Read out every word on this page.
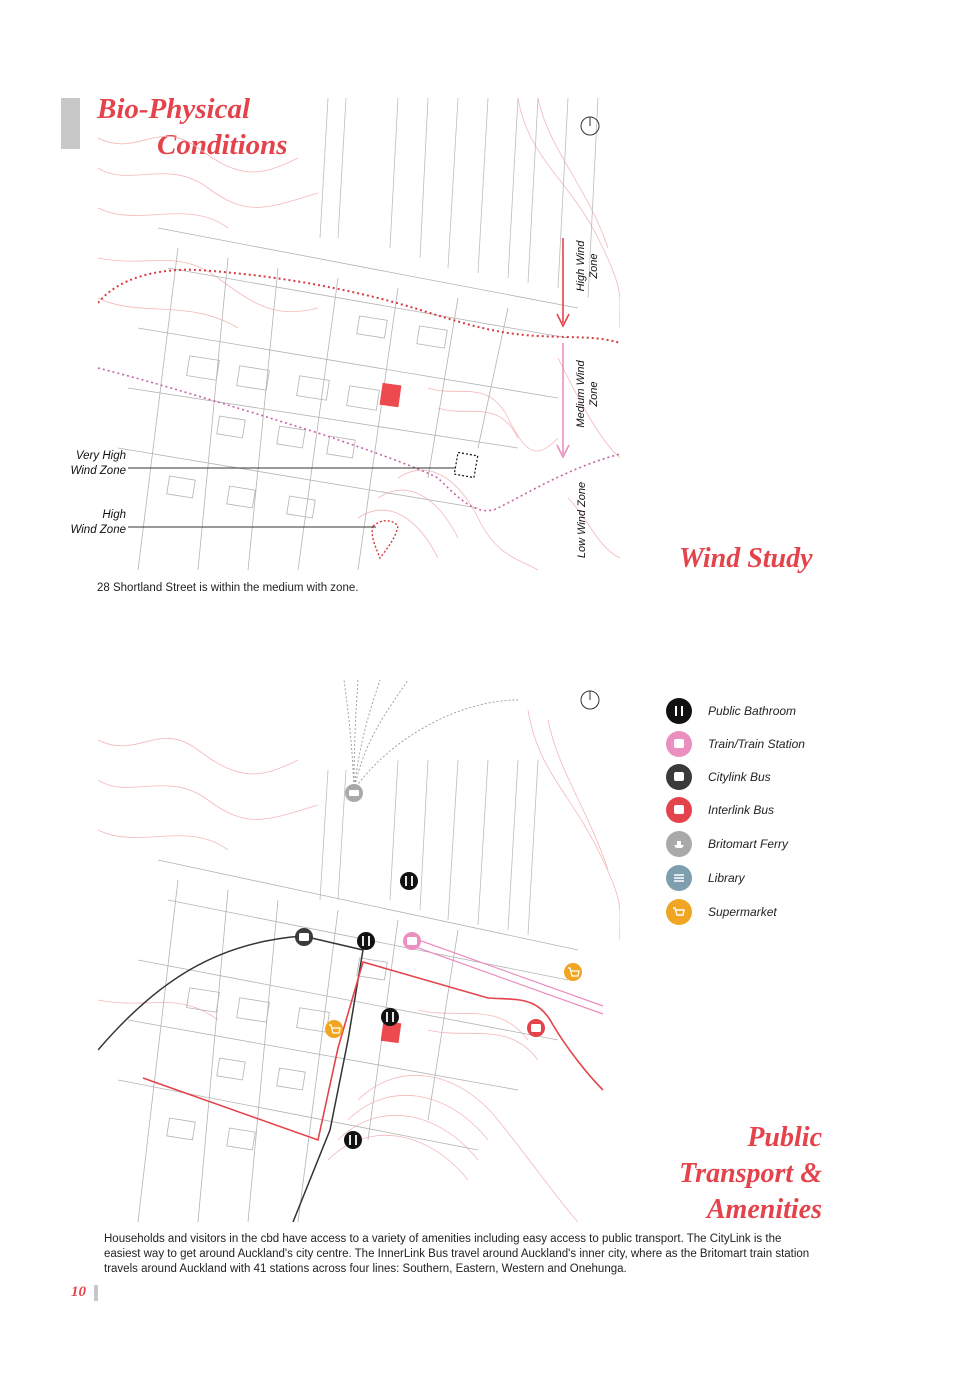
Bio-Physical
Conditions
High Wind Zone
Medium Wind Zone
Low Wind Zone
Very High
Wind Zone
High
Wind Zone
28 Shortland Street is within the medium with zone.
Wind Study
Public Bathroom
Train/Train Station
Citylink Bus
Interlink Bus
Britomart Ferry
Library
Supermarket
Public
Transport &
Amenities
Households and visitors in the cbd have access to a variety of amenities including easy access to public transport. The CityLink is the easiest way to get around Auckland's city centre. The InnerLink Bus travel around Auckland's inner city, where as the Britomart train station travels around Auckland with 41 stations across four lines: Southern, Eastern, Western and Onehunga.
10
